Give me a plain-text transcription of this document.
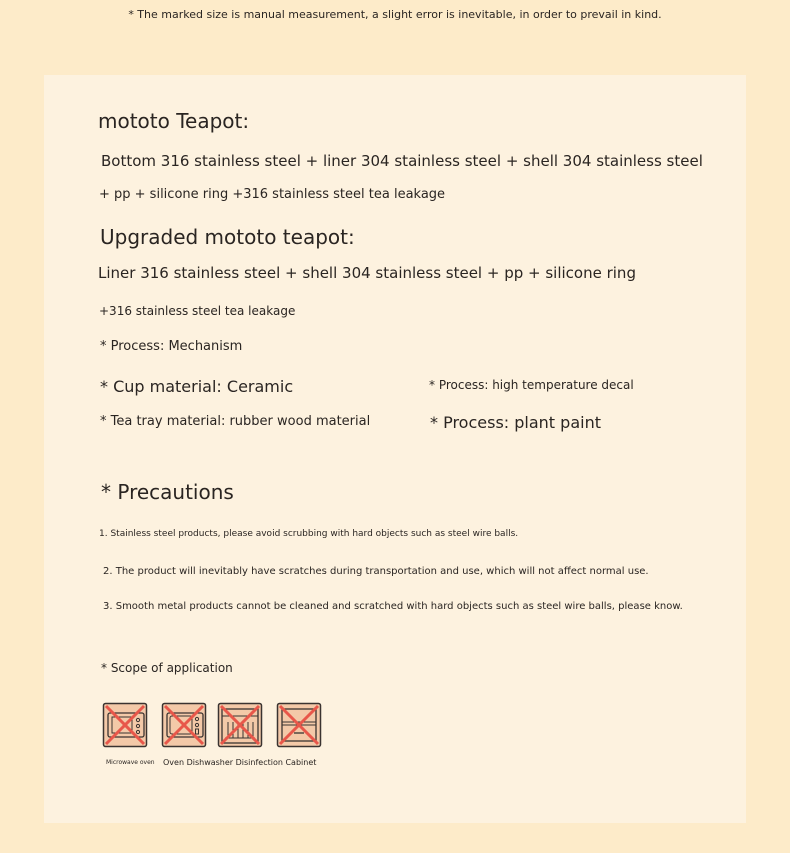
* The marked size is manual measurement, a slight error is inevitable, in order to prevail in kind.
mototo Teapot:
Bottom 316 stainless steel + liner 304 stainless steel + shell 304 stainless steel
+ pp + silicone ring +316 stainless steel tea leakage
Upgraded mototo teapot:
Liner 316 stainless steel + shell 304 stainless steel + pp + silicone ring
+316 stainless steel tea leakage
* Process: Mechanism
* Cup material: Ceramic	* Process: high temperature decal
* Tea tray material: rubber wood material	* Process: plant paint
* Precautions
1. Stainless steel products, please avoid scrubbing with hard objects such as steel wire balls.
2. The product will inevitably have scratches during transportation and use, which will not affect normal use.
3. Smooth metal products cannot be cleaned and scratched with hard objects such as steel wire balls, please know.
* Scope of application
Microwave oven Oven Dishwasher Disinfection Cabinet
